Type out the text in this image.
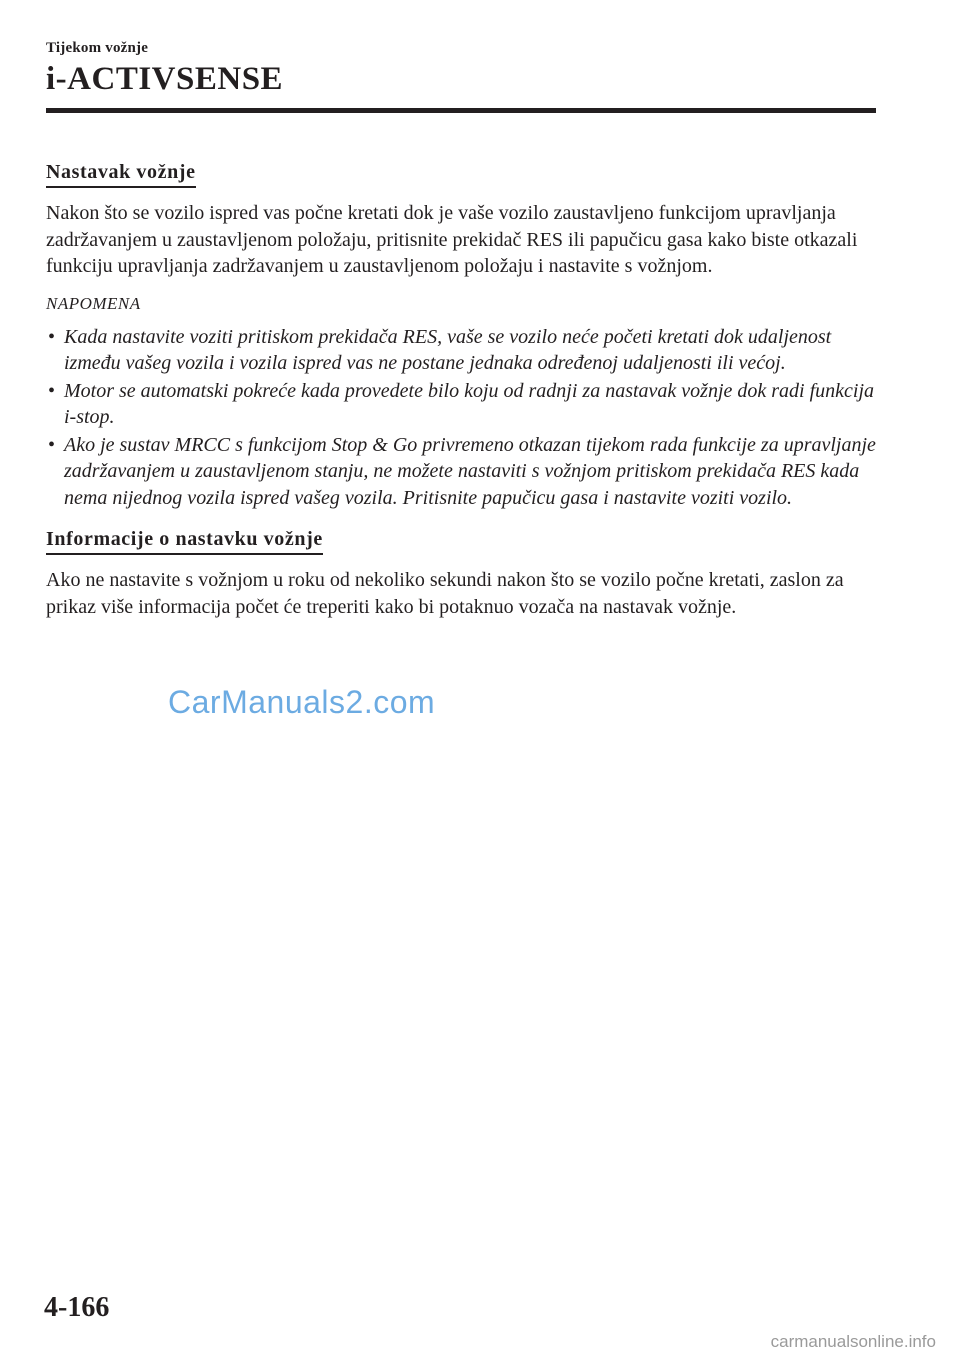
Tijekom vožnje
i-ACTIVSENSE
Nastavak vožnje

Nakon što se vozilo ispred vas počne kretati dok je vaše vozilo zaustavljeno funkcijom upravljanja zadržavanjem u zaustavljenom položaju, pritisnite prekidač RES ili papučicu gasa kako biste otkazali funkciju upravljanja zadržavanjem u zaustavljenom položaju i nastavite s vožnjom.

NAPOMENA
• Kada nastavite voziti pritiskom prekidača RES, vaše se vozilo neće početi kretati dok udaljenost između vašeg vozila i vozila ispred vas ne postane jednaka određenoj udaljenosti ili većoj.
• Motor se automatski pokreće kada provedete bilo koju od radnji za nastavak vožnje dok radi funkcija i-stop.
• Ako je sustav MRCC s funkcijom Stop & Go privremeno otkazan tijekom rada funkcije za upravljanje zadržavanjem u zaustavljenom stanju, ne možete nastaviti s vožnjom pritiskom prekidača RES kada nema nijednog vozila ispred vašeg vozila. Pritisnite papučicu gasa i nastavite voziti vozilo.
Informacije o nastavku vožnje

Ako ne nastavite s vožnjom u roku od nekoliko sekundi nakon što se vozilo počne kretati, zaslon za prikaz više informacija počet će treperiti kako bi potaknuo vozača na nastavak vožnje.

CarManuals2.com
4-166
carmanualsonline.info
